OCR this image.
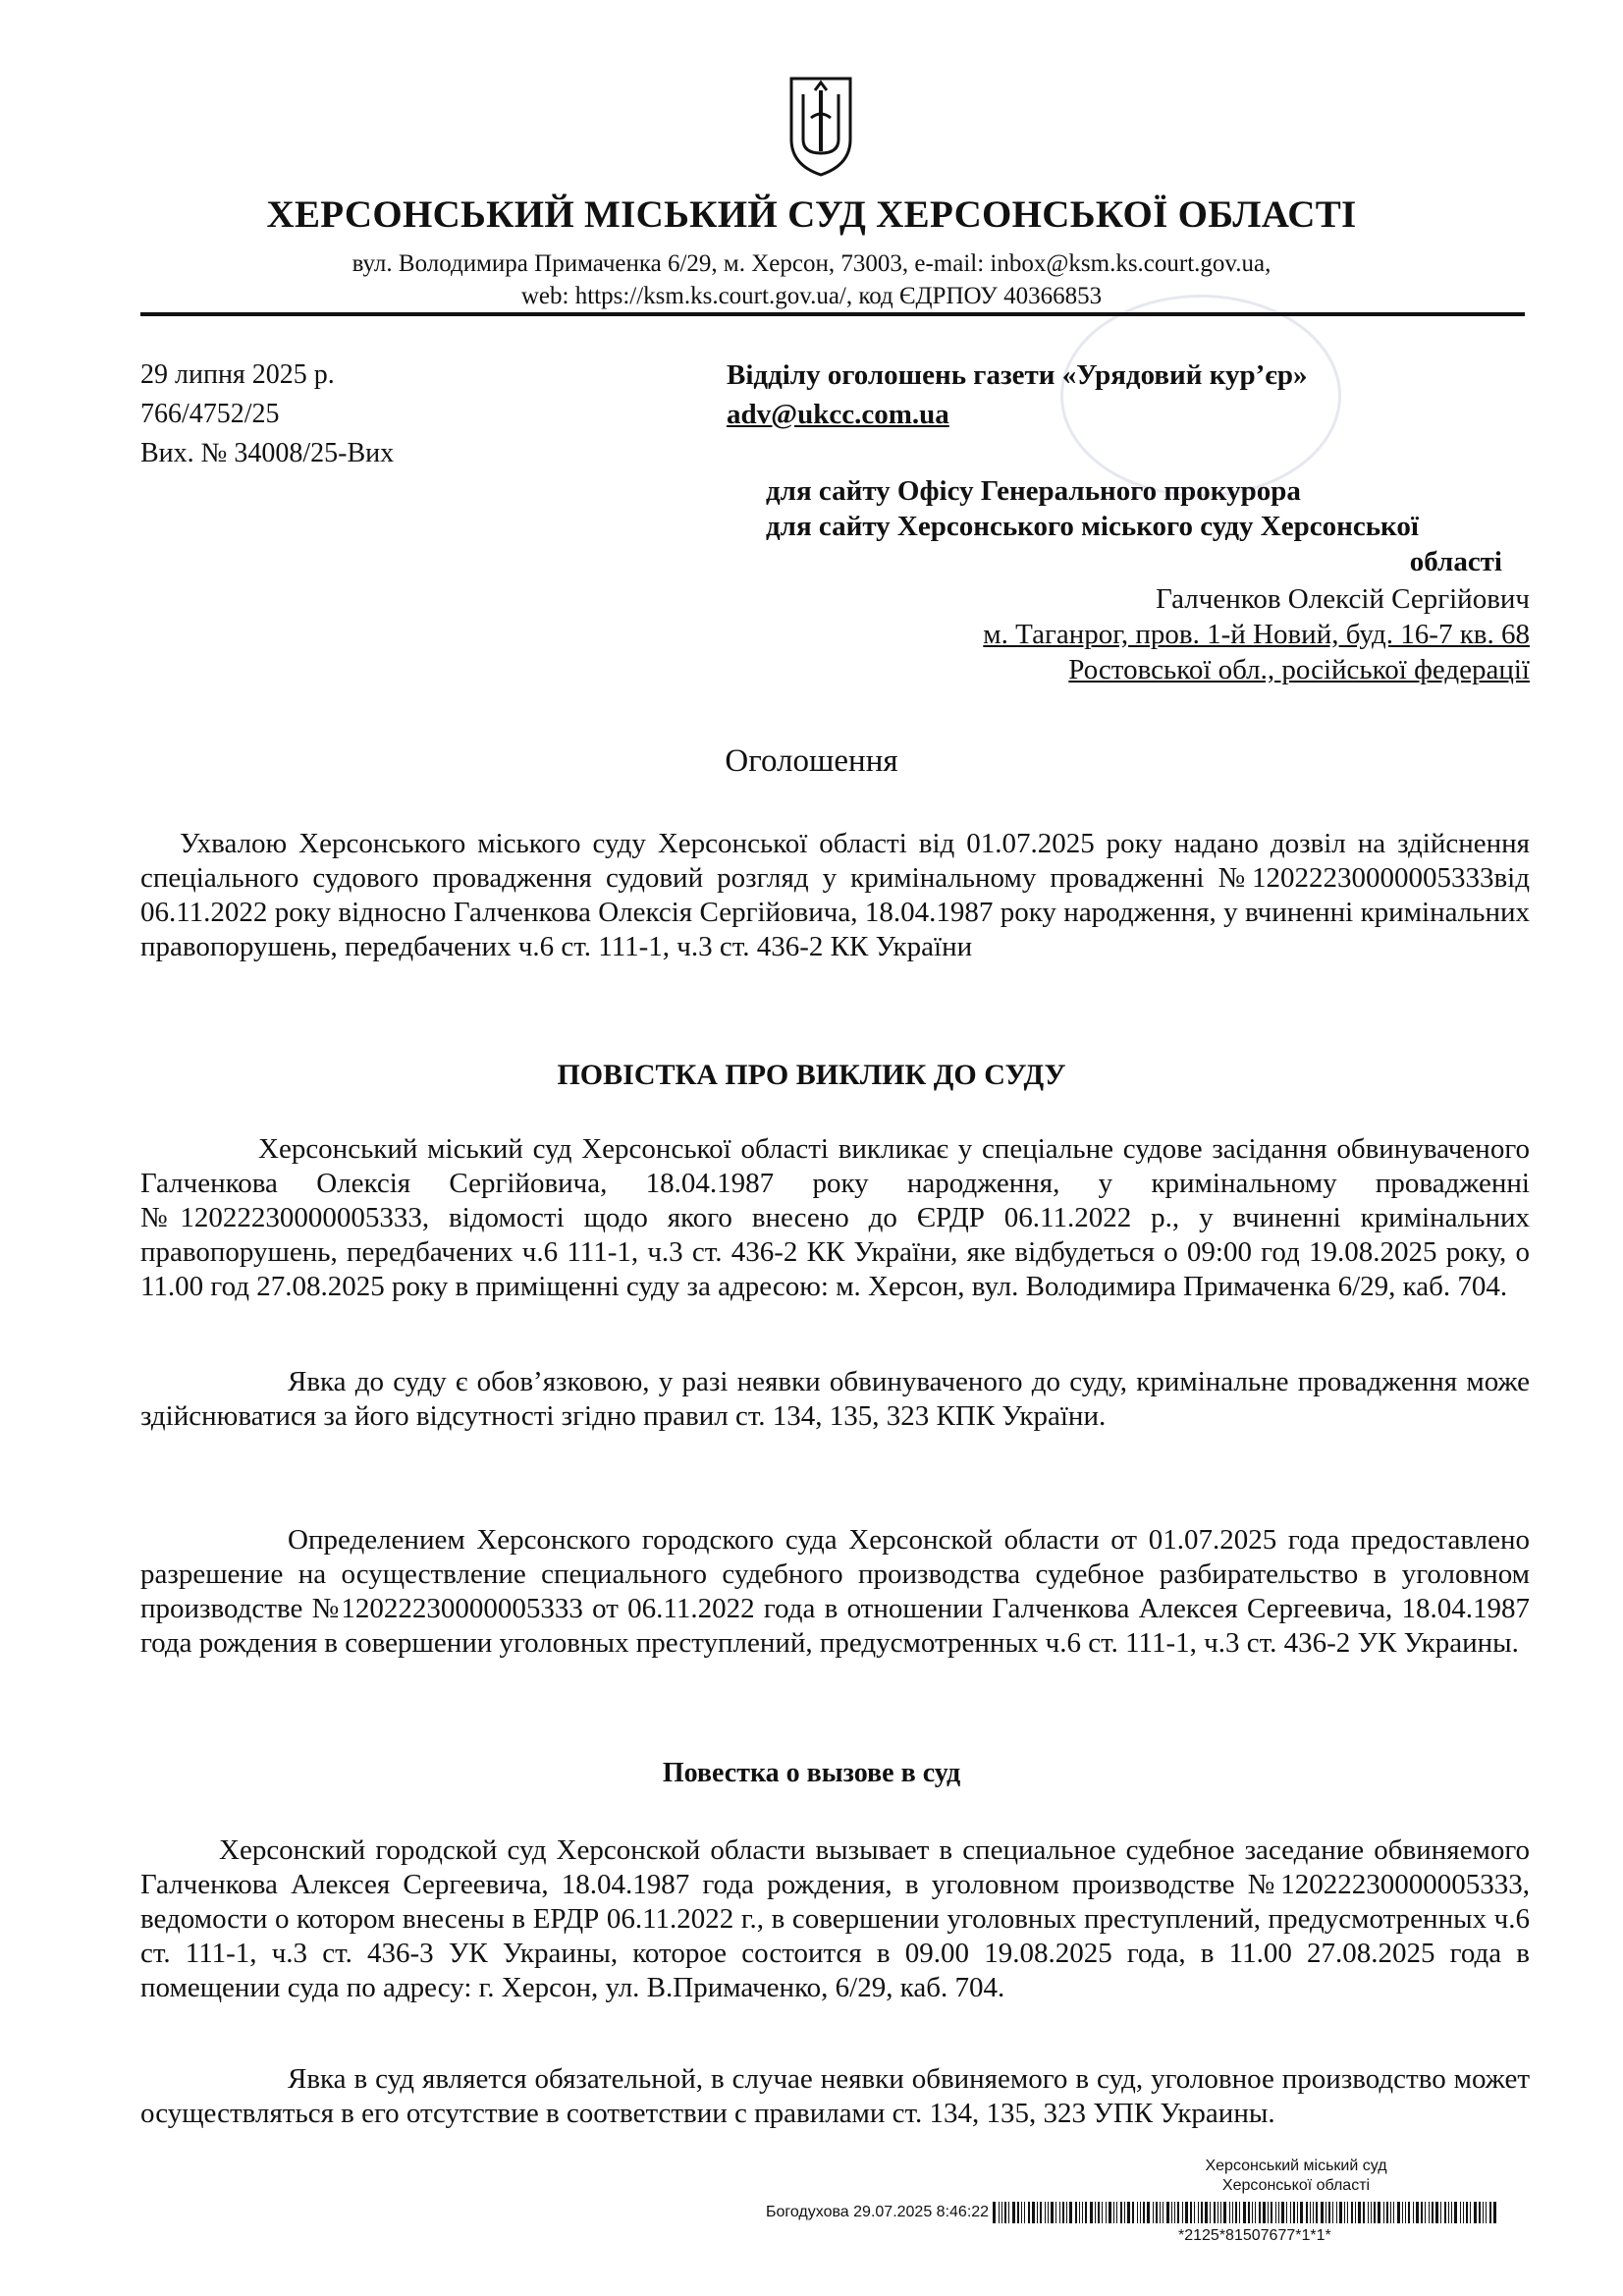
ХЕРСОНСЬКИЙ МІСЬКИЙ СУД ХЕРСОНСЬКОЇ ОБЛАСТІ
вул. Володимира Примаченка 6/29, м. Херсон, 73003, e-mail: inbox@ksm.ks.court.gov.ua,
web: https://ksm.ks.court.gov.ua/, код ЄДРПОУ 40366853
29 липня 2025 р.
766/4752/25
Вих. № 34008/25-Вих
Відділу оголошень газети «Урядовий кур’єр»
adv@ukcc.com.ua
для сайту Офісу Генерального прокурора
для сайту Херсонського міського суду Херсонської
області
Галченков Олексій Сергійович
м. Таганрог, пров. 1-й Новий, буд. 16-7 кв. 68
Ростовської обл., російської федерації
Оголошення
Ухвалою Херсонського міського суду Херсонської області від 01.07.2025 року надано дозвіл на здійснення спеціального судового провадження судовий розгляд у кримінальному провадженні №12022230000005333від 06.11.2022 року відносно Галченкова Олексія Сергійовича, 18.04.1987 року народження, у вчиненні кримінальних правопорушень, передбачених ч.6 ст. 111-1, ч.3 ст. 436-2 КК України
ПОВІСТКА ПРО ВИКЛИК ДО СУДУ
Херсонський міський суд Херсонської області викликає у спеціальне судове засідання обвинуваченого Галченкова Олексія Сергійовича, 18.04.1987 року народження, у кримінальному провадженні №12022230000005333, відомості щодо якого внесено до ЄРДР 06.11.2022 р., у вчиненні кримінальних правопорушень, передбачених ч.6 111-1, ч.3 ст. 436-2 КК України, яке відбудеться о 09:00 год 19.08.2025 року, о 11.00 год 27.08.2025 року в приміщенні суду за адресою: м. Херсон, вул. Володимира Примаченка 6/29, каб. 704.
Явка до суду є обов’язковою, у разі неявки обвинуваченого до суду, кримінальне провадження може здійснюватися за його відсутності згідно правил ст. 134, 135, 323 КПК України.
Определением Херсонского городского суда Херсонской области от 01.07.2025 года предоставлено разрешение на осуществление специального судебного производства судебное разбирательство в уголовном производстве №12022230000005333 от 06.11.2022 года в отношении Галченкова Алексея Сергеевича, 18.04.1987 года рождения в совершении уголовных преступлений, предусмотренных ч.6 ст. 111-1, ч.3 ст. 436-2 УК Украины.
Повестка о вызове в суд
Херсонский городской суд Херсонской области вызывает в специальное судебное заседание обвиняемого Галченкова Алексея Сергеевича, 18.04.1987 года рождения, в уголовном производстве №12022230000005333, ведомости о котором внесены в ЕРДР 06.11.2022 г., в совершении уголовных преступлений, предусмотренных ч.6 ст. 111-1, ч.3 ст. 436-3 УК Украины, которое состоится в 09.00 19.08.2025 года, в 11.00 27.08.2025 года в помещении суда по адресу: г. Херсон, ул. В.Примаченко, 6/29, каб. 704.
Явка в суд является обязательной, в случае неявки обвиняемого в суд, уголовное производство может осуществляться в его отсутствие в соответствии с правилами ст. 134, 135, 323 УПК Украины.
Херсонський міський суд
Херсонської області
Богодухова 29.07.2025 8:46:22
*2125*81507677*1*1*
